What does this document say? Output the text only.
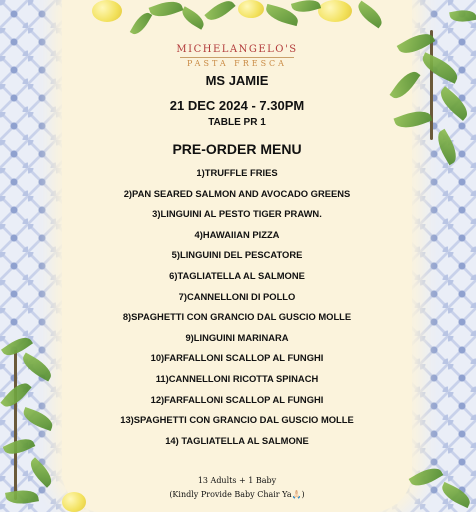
MICHELANGELO'S
PASTA FRESCA
MS JAMIE
21 DEC 2024 - 7.30PM
TABLE PR 1
PRE-ORDER MENU
1)TRUFFLE FRIES
2)PAN SEARED SALMON AND AVOCADO GREENS
3)LINGUINI AL PESTO TIGER PRAWN.
4)HAWAIIAN PIZZA
5)LINGUINI DEL PESCATORE
6)TAGLIATELLA AL SALMONE
7)CANNELLONI DI POLLO
8)SPAGHETTI CON GRANCIO DAL GUSCIO MOLLE
9)LINGUINI MARINARA
10)FARFALLONI SCALLOP AL FUNGHI
11)CANNELLONI RICOTTA SPINACH
12)FARFALLONI SCALLOP AL FUNGHI
13)SPAGHETTI CON GRANCIO DAL GUSCIO MOLLE
14) TAGLIATELLA AL SALMONE
13 Adults + 1 Baby
(Kindly Provide Baby Chair Ya🙏🏻)
